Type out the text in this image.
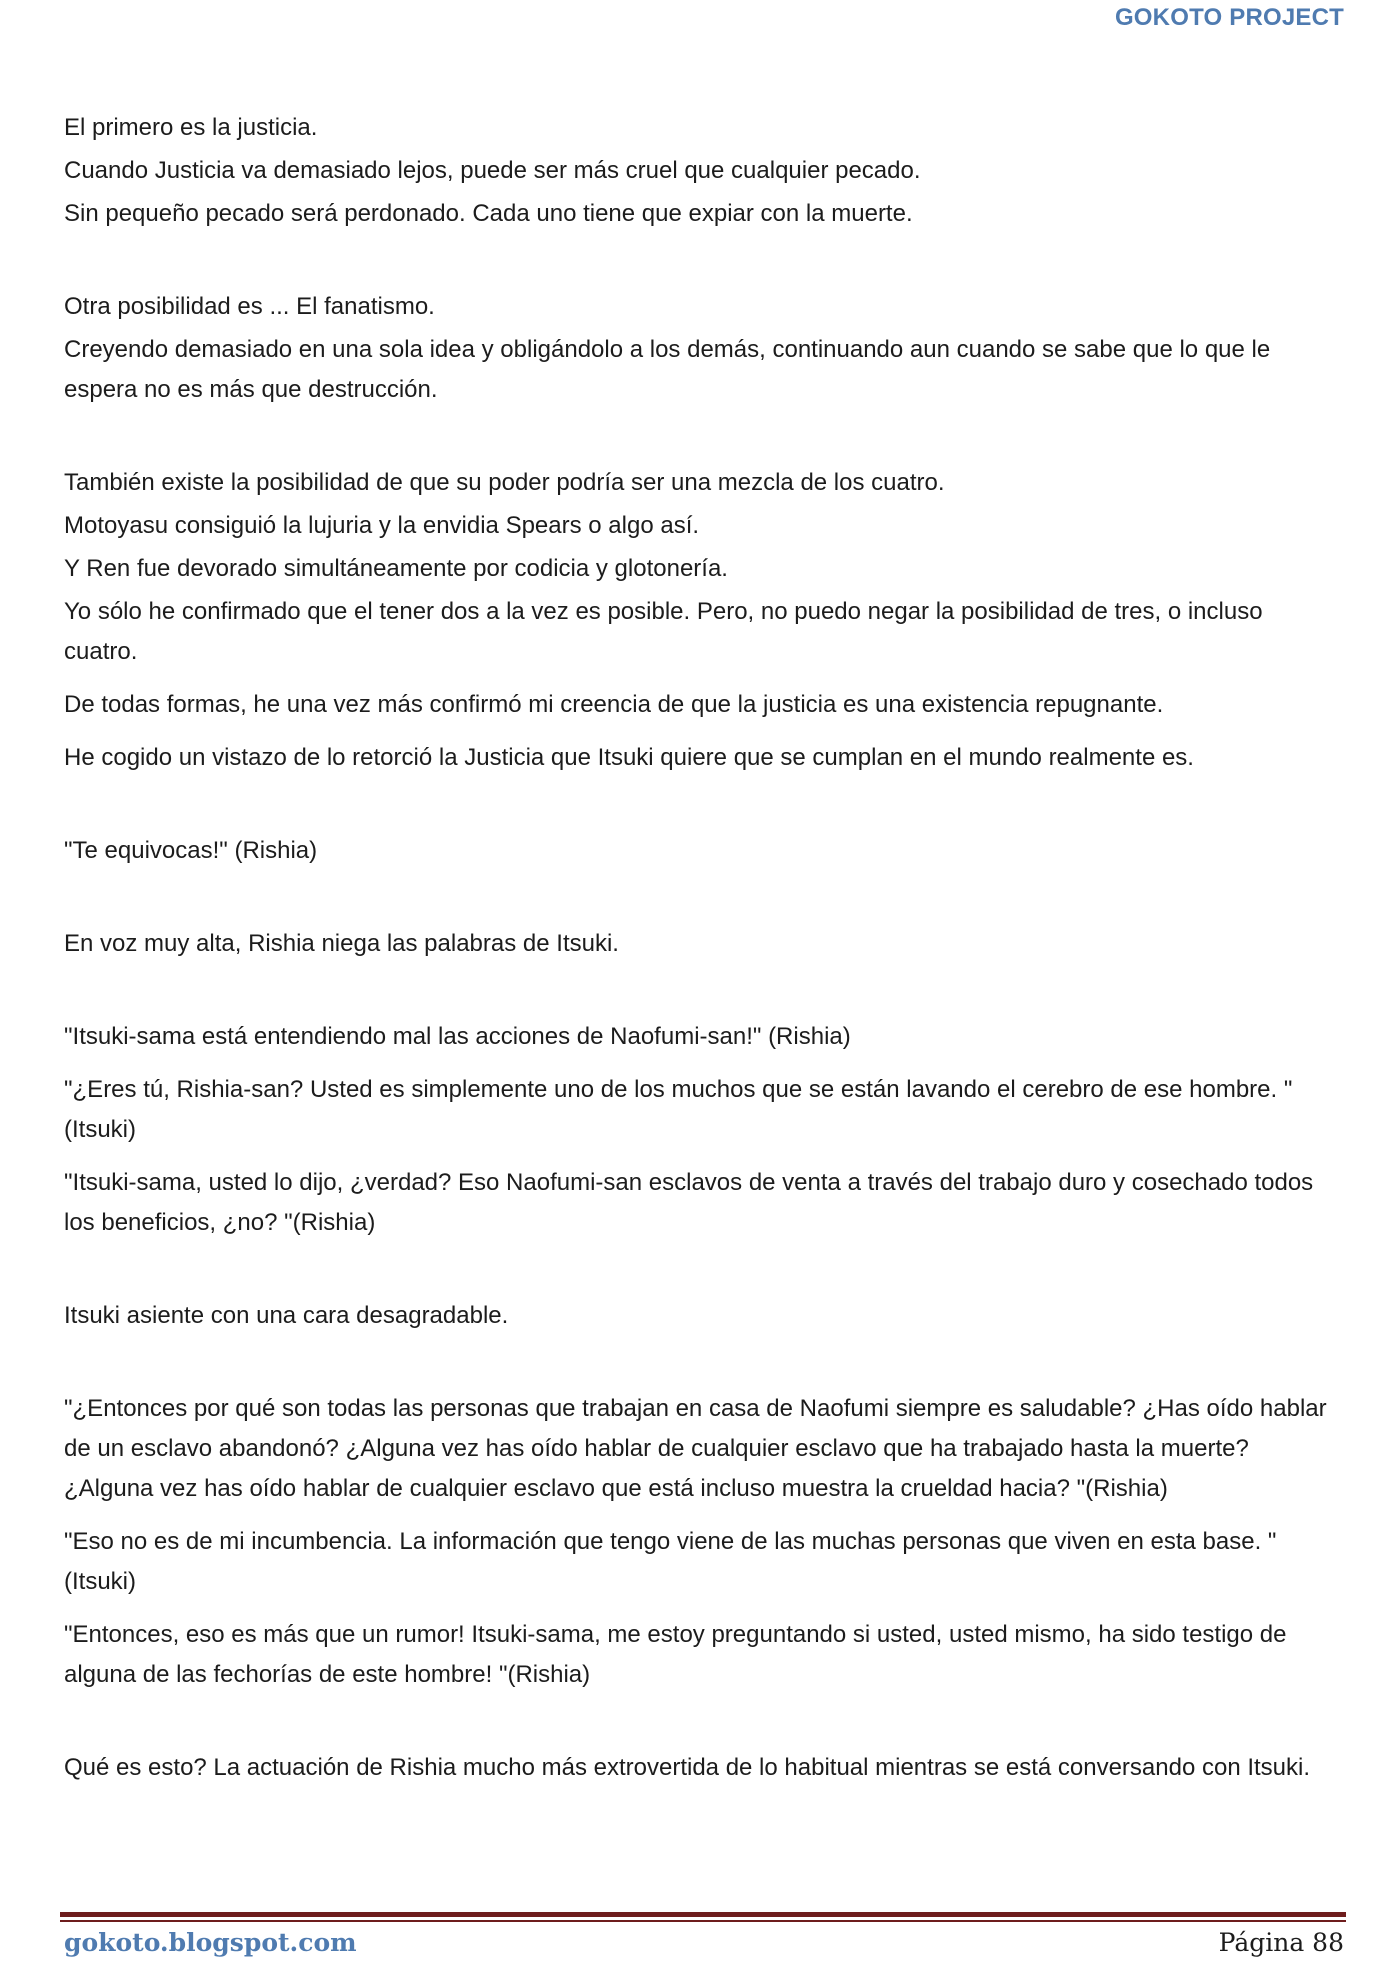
GOKOTO PROJECT

El primero es la justicia.

Cuando Justicia va demasiado lejos, puede ser más cruel que cualquier pecado.

Sin pequeño pecado será perdonado. Cada uno tiene que expiar con la muerte.

Otra posibilidad es ... El fanatismo.

Creyendo demasiado en una sola idea y obligándolo a los demás, continuando aun cuando se sabe que lo que le espera no es más que destrucción.

También existe la posibilidad de que su poder podría ser una mezcla de los cuatro.

Motoyasu consiguió la lujuria y la envidia Spears o algo así.

Y Ren fue devorado simultáneamente por codicia y glotonería.

Yo sólo he confirmado que el tener dos a la vez es posible. Pero, no puedo negar la posibilidad de tres, o incluso cuatro.

De todas formas, he una vez más confirmó mi creencia de que la justicia es una existencia repugnante.

He cogido un vistazo de lo retorció la Justicia que Itsuki quiere que se cumplan en el mundo realmente es.

"Te equivocas!" (Rishia)

En voz muy alta, Rishia niega las palabras de Itsuki.

"Itsuki-sama está entendiendo mal las acciones de Naofumi-san!" (Rishia)

"¿Eres tú, Rishia-san? Usted es simplemente uno de los muchos que se están lavando el cerebro de ese hombre. "(Itsuki)

"Itsuki-sama, usted lo dijo, ¿verdad? Eso Naofumi-san esclavos de venta a través del trabajo duro y cosechado todos los beneficios, ¿no? "(Rishia)

Itsuki asiente con una cara desagradable.

"¿Entonces por qué son todas las personas que trabajan en casa de Naofumi siempre es saludable? ¿Has oído hablar de un esclavo abandonó? ¿Alguna vez has oído hablar de cualquier esclavo que ha trabajado hasta la muerte? ¿Alguna vez has oído hablar de cualquier esclavo que está incluso muestra la crueldad hacia? "(Rishia)

"Eso no es de mi incumbencia. La información que tengo viene de las muchas personas que viven en esta base. "(Itsuki)

"Entonces, eso es más que un rumor! Itsuki-sama, me estoy preguntando si usted, usted mismo, ha sido testigo de alguna de las fechorías de este hombre! "(Rishia)

Qué es esto? La actuación de Rishia mucho más extrovertida de lo habitual mientras se está conversando con Itsuki.

gokoto.blogspot.com	Página 88
